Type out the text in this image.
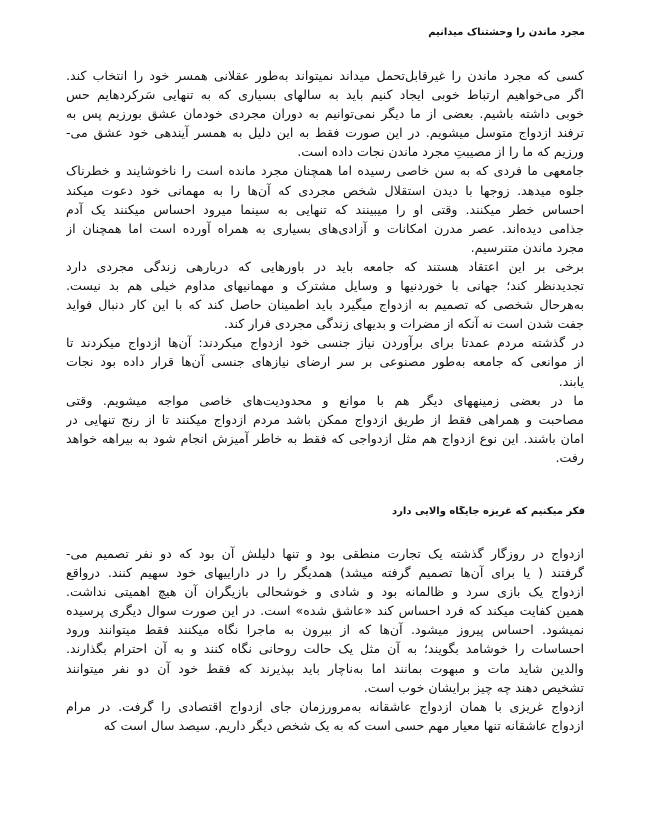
مجرد ماندن را وحشتناک میدانیم
کسی که مجرد ماندن را غیرقابل‌تحمل میداند نمیتواند به‌طور عقلانی همسر خود را انتخاب کند.
اگر می‌خواهیم ارتباط خوبی ایجاد کنیم باید به سالهای بسیاری که به تنهایی سَرکردهایم حس
خوبی داشته باشیم. بعضی از ما دیگر نمی‌توانیم به دوران مجردی خودمان عشق بورزیم پس به
ترفند ازدواج متوسل میشویم. در این صورت فقط به این دلیل به همسر آیندهی خود عشق می-
ورزیم که ما را از مصیبتِ مجرد ماندن نجات داده است.
جامعهی ما فردی که به سن خاصی رسیده اما همچنان مجرد مانده است را ناخوشایند و خطرناک
جلوه میدهد. زوجها با دیدن استقلال شخص مجردی که آن‌ها را به مهمانی خود دعوت میکند
احساس خطر میکنند. وقتی او را میبینند که تنهایی به سینما میرود احساس میکنند یک آدم
جذامی دیده‌اند. عصر مدرن امکانات و آزادی‌های بسیاری به همراه آورده است اما همچنان از
مجرد ماندن متنرسیم.
برخی بر این اعتقاد هستند که جامعه باید در باورهایی که دربارهی زندگی مجردی دارد
تجدیدنظر کند؛ جهانی با خوردنیها و وسایل مشترک و مهمانیهای مداوم خیلی هم بد نیست.
به‌هرحال شخصی که تصمیم به ازدواج میگیرد باید اطمینان حاصل کند که با این کار دنبال فواید
جفت شدن است نه آنکه از مضرات و بدیهای زندگی مجردی فرار کند.
در گذشته مردم عمدتا برای برآوردن نیاز جنسی خود ازدواج میکردند: آن‌ها ازدواج میکردند تا
از موانعی که جامعه به‌طور مصنوعی بر سر ارضای نیازهای جنسی آن‌ها قرار داده بود نجات
یابند.
ما در بعضی زمینههای دیگر هم با موانع و محدودیت‌های خاصی مواجه میشویم. وقتی
مصاحبت و همراهی فقط از طریق ازدواج ممکن باشد مردم ازدواج میکنند تا از رنج تنهایی در
امان باشند. این نوع ازدواج هم مثل ازدواجی که فقط به خاطر آمیزش انجام شود به بیراهه خواهد
رفت.
فکر میکنیم که غریزه جایگاه والایی دارد
ازدواج در روزگار گذشته یک تجارت منطقی بود و تنها دلیلش آن بود که دو نفر تصمیم می-
گرفتند ( یا برای آن‌ها تصمیم گرفته میشد) همدیگر را در داراییهای خود سهیم کنند. درواقع
ازدواج یک بازی سرد و ظالمانه بود و شادی و خوشحالی بازیگران آن هیچ اهمیتی نداشت.
همین کفایت میکند که فرد احساس کند «عاشق شده» است. در این صورت سوال دیگری پرسیده
نمیشود. احساس پیروز میشود. آن‌ها که از بیرون به ماجرا نگاه میکنند فقط میتوانند ورود
احساسات را خوشامد بگویند؛ به آن مثل یک حالت روحانی نگاه کنند و به آن احترام بگذارند.
والدین شاید مات و مبهوت بمانند اما به‌ناچار باید بپذیرند که فقط خود آن دو نفر میتوانند
تشخیص دهند چه چیز برایشان خوب است.
ازدواج غریزی با همان ازدواج عاشقانه به‌مرورزمان جای ازدواج اقتصادی را گرفت. در مرام
ازدواج عاشقانه تنها معیار مهم حسی است که به یک شخص دیگر داریم. سیصد سال است که
